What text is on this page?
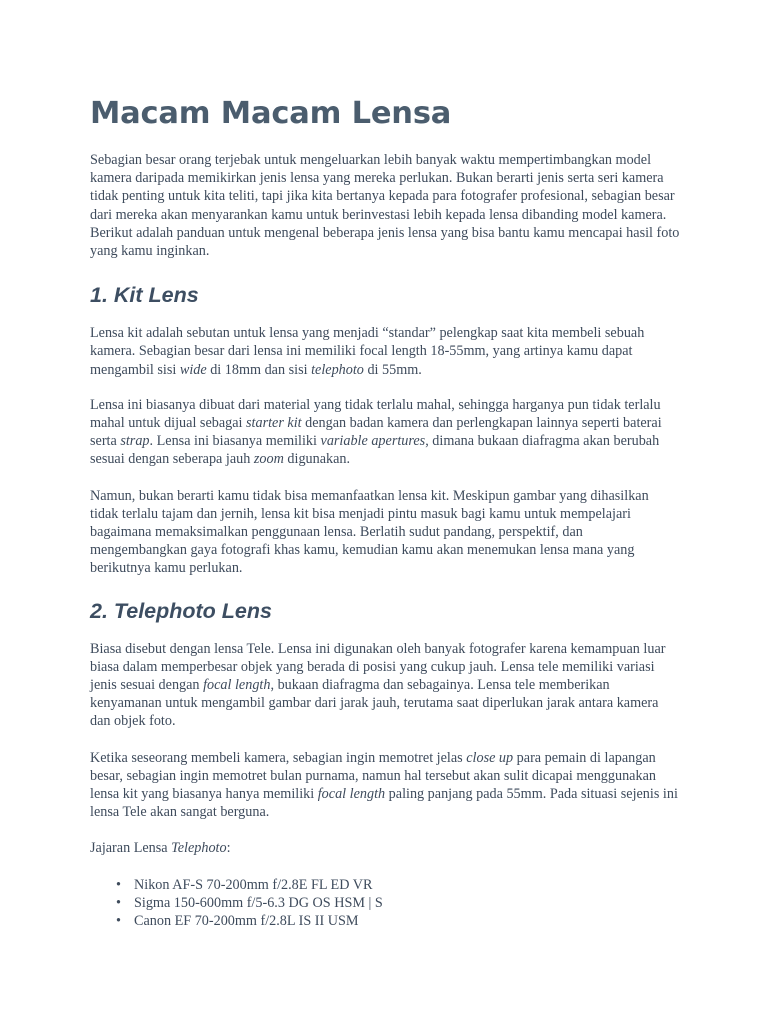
Macam Macam Lensa

Sebagian besar orang terjebak untuk mengeluarkan lebih banyak waktu mempertimbangkan model kamera daripada memikirkan jenis lensa yang mereka perlukan. Bukan berarti jenis serta seri kamera tidak penting untuk kita teliti, tapi jika kita bertanya kepada para fotografer profesional, sebagian besar dari mereka akan menyarankan kamu untuk berinvestasi lebih kepada lensa dibanding model kamera. Berikut adalah panduan untuk mengenal beberapa jenis lensa yang bisa bantu kamu mencapai hasil foto yang kamu inginkan.

1. Kit Lens

Lensa kit adalah sebutan untuk lensa yang menjadi “standar” pelengkap saat kita membeli sebuah kamera. Sebagian besar dari lensa ini memiliki focal length 18-55mm, yang artinya kamu dapat mengambil sisi wide di 18mm dan sisi telephoto di 55mm.

Lensa ini biasanya dibuat dari material yang tidak terlalu mahal, sehingga harganya pun tidak terlalu mahal untuk dijual sebagai starter kit dengan badan kamera dan perlengkapan lainnya seperti baterai serta strap. Lensa ini biasanya memiliki variable apertures, dimana bukaan diafragma akan berubah sesuai dengan seberapa jauh zoom digunakan.

Namun, bukan berarti kamu tidak bisa memanfaatkan lensa kit. Meskipun gambar yang dihasilkan tidak terlalu tajam dan jernih, lensa kit bisa menjadi pintu masuk bagi kamu untuk mempelajari bagaimana memaksimalkan penggunaan lensa. Berlatih sudut pandang, perspektif, dan mengembangkan gaya fotografi khas kamu, kemudian kamu akan menemukan lensa mana yang berikutnya kamu perlukan.

2. Telephoto Lens

Biasa disebut dengan lensa Tele. Lensa ini digunakan oleh banyak fotografer karena kemampuan luar biasa dalam memperbesar objek yang berada di posisi yang cukup jauh. Lensa tele memiliki variasi jenis sesuai dengan focal length, bukaan diafragma dan sebagainya. Lensa tele memberikan kenyamanan untuk mengambil gambar dari jarak jauh, terutama saat diperlukan jarak antara kamera dan objek foto.

Ketika seseorang membeli kamera, sebagian ingin memotret jelas close up para pemain di lapangan besar, sebagian ingin memotret bulan purnama, namun hal tersebut akan sulit dicapai menggunakan lensa kit yang biasanya hanya memiliki focal length paling panjang pada 55mm. Pada situasi sejenis ini lensa Tele akan sangat berguna.

Jajaran Lensa Telephoto:

• Nikon AF-S 70-200mm f/2.8E FL ED VR
• Sigma 150-600mm f/5-6.3 DG OS HSM | S
• Canon EF 70-200mm f/2.8L IS II USM
